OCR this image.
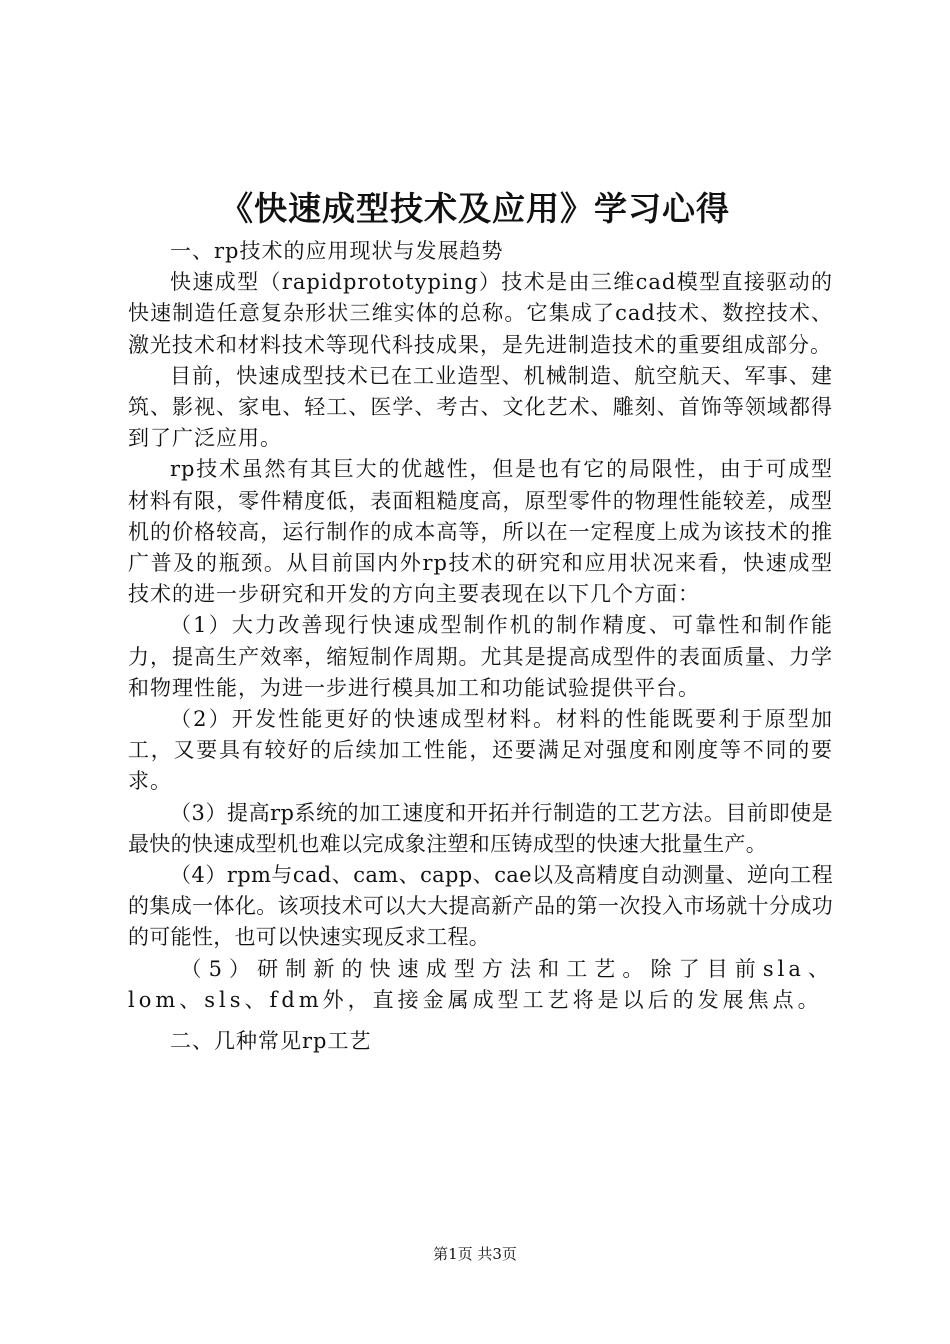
《快速成型技术及应用》学习心得

一、rp技术的应用现状与发展趋势

快速成型（rapidprototyping）技术是由三维cad模型直接驱动的快速制造任意复杂形状三维实体的总称。它集成了cad技术、数控技术、激光技术和材料技术等现代科技成果，是先进制造技术的重要组成部分。

目前，快速成型技术已在工业造型、机械制造、航空航天、军事、建筑、影视、家电、轻工、医学、考古、文化艺术、雕刻、首饰等领域都得到了广泛应用。

rp技术虽然有其巨大的优越性，但是也有它的局限性，由于可成型材料有限，零件精度低，表面粗糙度高，原型零件的物理性能较差，成型机的价格较高，运行制作的成本高等，所以在一定程度上成为该技术的推广普及的瓶颈。从目前国内外rp技术的研究和应用状况来看，快速成型技术的进一步研究和开发的方向主要表现在以下几个方面：

（1）大力改善现行快速成型制作机的制作精度、可靠性和制作能力，提高生产效率，缩短制作周期。尤其是提高成型件的表面质量、力学和物理性能，为进一步进行模具加工和功能试验提供平台。

（2）开发性能更好的快速成型材料。材料的性能既要利于原型加工，又要具有较好的后续加工性能，还要满足对强度和刚度等不同的要求。

（3）提高rp系统的加工速度和开拓并行制造的工艺方法。目前即使是最快的快速成型机也难以完成象注塑和压铸成型的快速大批量生产。

（4）rpm与cad、cam、capp、cae以及高精度自动测量、逆向工程的集成一体化。该项技术可以大大提高新产品的第一次投入市场就十分成功的可能性，也可以快速实现反求工程。

（5）研制新的快速成型方法和工艺。除了目前sla、lom、sls、fdm外，直接金属成型工艺将是以后的发展焦点。

二、几种常见rp工艺

第1页 共3页
